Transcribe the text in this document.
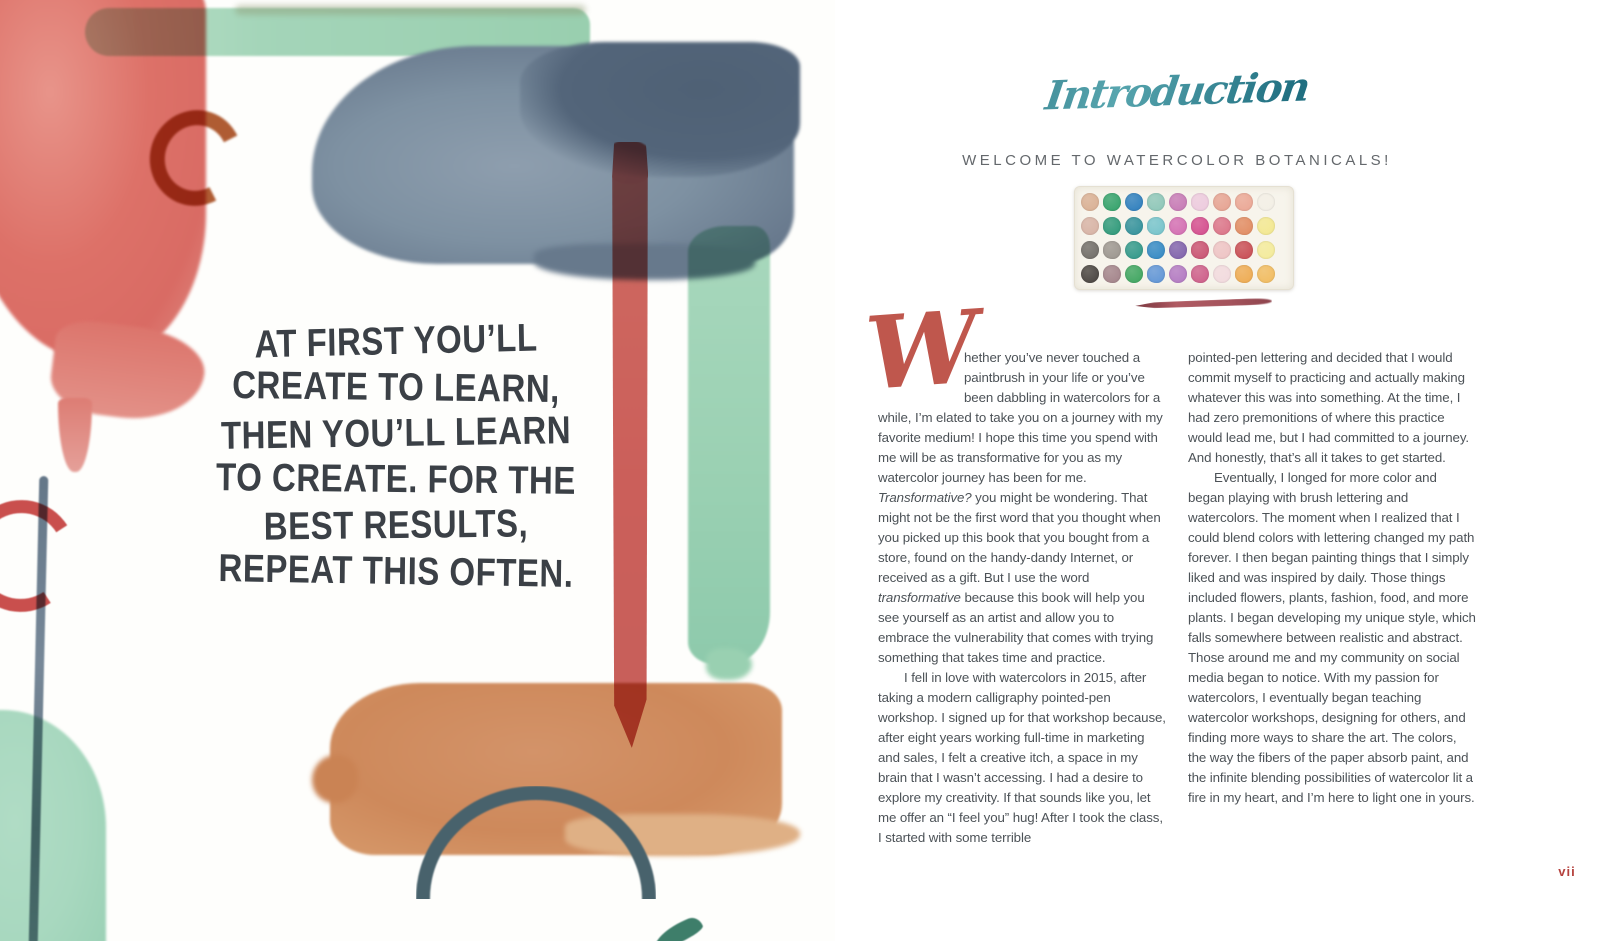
AT FIRST YOU’LL
CREATE TO LEARN,
THEN YOU’LL LEARN
TO CREATE. FOR THE
BEST RESULTS,
REPEAT THIS OFTEN.
Introduction
WELCOME TO WATERCOLOR BOTANICALS!
W

hether you’ve never touched a paintbrush in your life or you’ve been dabbling in watercolors for a while, I’m elated to take you on a journey with my favorite medium! I hope this time you spend with me will be as transformative for you as my watercolor journey has been for me. Transformative? you might be wondering. That might not be the first word that you thought when you picked up this book that you bought from a store, found on the handy-dandy Internet, or received as a gift. But I use the word transformative because this book will help you see yourself as an artist and allow you to embrace the vulnerability that comes with trying something that takes time and practice.

I fell in love with watercolors in 2015, after taking a modern calligraphy pointed-pen workshop. I signed up for that workshop because, after eight years working full-time in marketing and sales, I felt a creative itch, a space in my brain that I wasn’t accessing. I had a desire to explore my creativity. If that sounds like you, let me offer an “I feel you” hug! After I took the class, I started with some terrible

pointed-pen lettering and decided that I would commit myself to practicing and actually making whatever this was into something. At the time, I had zero premonitions of where this practice would lead me, but I had committed to a journey. And honestly, that’s all it takes to get started.

Eventually, I longed for more color and began playing with brush lettering and watercolors. The moment when I realized that I could blend colors with lettering changed my path forever. I then began painting things that I simply liked and was inspired by daily. Those things included flowers, plants, fashion, food, and more plants. I began developing my unique style, which falls somewhere between realistic and abstract. Those around me and my community on social media began to notice. With my passion for watercolors, I eventually began teaching watercolor workshops, designing for others, and finding more ways to share the art. The colors, the way the fibers of the paper absorb paint, and the infinite blending possibilities of watercolor lit a fire in my heart, and I’m here to light one in yours.

vii
